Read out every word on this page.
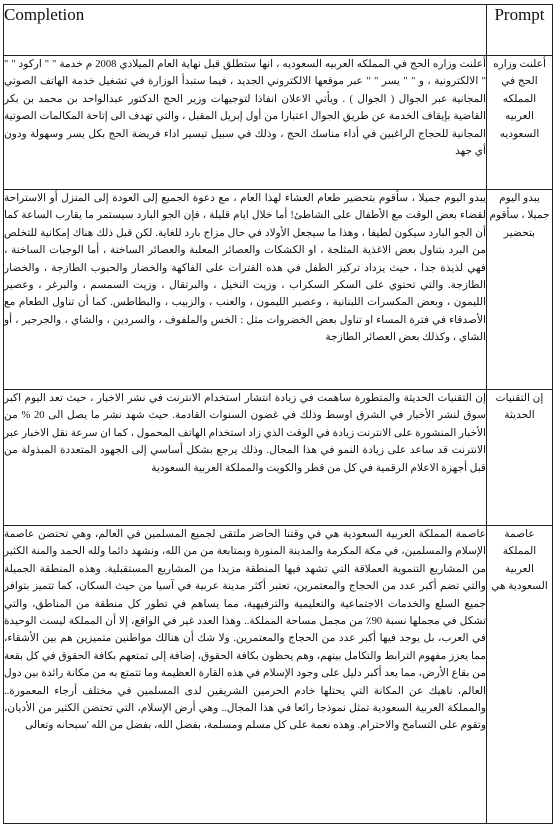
Completion	Prompt
أعلنت وزاره الحج في المملكه العربيه السعوديه ، انها ستطلق قبل نهاية العام الميلادي 2008 م خدمة " " اركود " " " الالكترونية ، و " " يسر " " عبر موقعها الالكتروني الجديد ، فيما ستبدأ الوزارة في تشغيل خدمة الهاتف الصوتي المجانية عبر الجوال ( الجوال ) . ويأتي الاعلان انفاذا لتوجيهات وزير الحج الدكتور عبدالواحد بن محمد بن بكر القاضية بإيقاف الخدمة عن طريق الجوال اعتبارا من أول إبريل المقبل ، والتي تهدف الى إتاحة المكالمات الصوتية المجانية للحجاج الراغبين في أداء مناسك الحج ، وذلك في سبيل تيسير اداء فريضة الحج بكل يسر وسهولة ودون أي جهد	أعلنت وزاره الحج في المملكه العربيه السعوديه
يبدو اليوم جميلا ، سأقوم بتحضير طعام العشاء لهذا العام ، مع دعوة الجميع إلى العودة إلى المنزل أو الاستراحة لقضاء بعض الوقت مع الأطفال على الشاطئ! أما خلال ايام قليلة ، فإن الجو البارد سيستمر ما يقارب الساعة كما أن الجو البارد سيكون لطيفا ، وهذا ما سيجعل الأولاد في حال مزاج بارد للغاية. لكن قبل ذلك هناك إمكانية للتخلص من البرد بتناول بعض الاغذية المثلجة ، او الكشكات والعصائر المعلبة والعصائر الساخنة ، أما الوجبات الساخنة ، فهي لذيذة جدا ، حيث يزداد تركيز الطفل في هذه الفترات على الفاكهة والخضار والحبوب الطازجة ، والخضار الطازجة. والتي تحتوي على السكر السكراب ، وزيت النخيل ، والبرتقال ، وزيت السمسم ، والبرغر ، وعصير الليمون ، وبعض المكسرات اللبنانية ، وعصير الليمون ، والعنب ، والزبيب ، والبطاطس. كما أن تناول الطعام مع الأصدقاء في فترة المساء او تناول بعض الخضروات مثل : الخس والملفوف ، والسردين ، والشاي ، والجرجير ، أو الشاي ، وكذلك بعض العصائر الطازجة	يبدو اليوم جميلا ، سأقوم بتحضير
إن التقنيات الحديثة والمتطورة ساهمت في زيادة انتشار استخدام الانترنت في نشر الاخبار ، حيث تعد اليوم اكبر سوق لنشر الأخبار في الشرق اوسط وذلك في غضون السنوات القادمة. حيث شهد نشر ما يصل الى 20 % من الأخبار المنشورة على الانترنت زيادة في الوقت الذي زاد استخدام الهاتف المحمول ، كما ان سرعة نقل الاخبار عبر الانترنت قد ساعد على زيادة النمو في هذا المجال. وذلك يرجع بشكل أساسي إلى الجهود المتعددة المبذولة من قبل أجهزة الاعلام الرقمية في كل من قطر والكويت والمملكة العربية السعودية	إن التقنيات الحديثة
عاصمة المملكة العربية السعودية هي في وقتنا الحاضر ملتقى لجميع المسلمين في العالم، وهي تحتضن عاصمة الإسلام والمسلمين، في مكة المكرمة والمدينة المنورة وبمتابعة من من الله، ونشهد دائما ولله الحمد والمنة الكثير من المشاريع التنموية العملاقة التي تشهد فيها المنطقة مزيدا من المشاريع المستقبلية. وهذه المنطقة الجميلة والتي تضم أكبر عدد من الحجاج والمعتمرين، تعتبر أكثر مدينة عربية في آسيا من حيث السكان، كما تتميز بتوافر جميع السلع والخدمات الاجتماعية والتعليمية والترفيهية، مما يساهم في تطور كل منطقة من المناطق، والتي تشكل في مجملها نسبة 90٪ من مجمل مساحة المملكة.. وهذا العدد غير في الواقع، إلا أن المملكة ليست الوحيدة في العرب، بل يوجد فيها أكبر عدد من الحجاج والمعتمرين. ولا شك أن هنالك مواطنين متميزين هم بين الأشقاء، مما يعزز مفهوم الترابط والتكامل بينهم، وهم يحظون بكافة الحقوق، إضافة إلى تمتعهم بكافة الحقوق في كل بقعة من بقاع الأرض، مما يعد أكبر دليل على وجود الإسلام في هذه القارة العظيمة وما تتمتع به من مكانة رائدة بين دول العالم، ناهيك عن المكانة التي يحتلها خادم الحرمين الشريفين لدى المسلمين في مختلف أرجاء المعمورة.. والمملكة العربية السعودية تمثل نموذجا رائعا في هذا المجال.. وهي أرض الإسلام، التي تحتضن الكثير من الأديان، وتقوم على التسامح والاحترام. وهذه نعمة على كل مسلم ومسلمة، بفضل الله، بفضل من الله 'سبحانه وتعالى	عاصمة المملكة العربية السعودية هي
